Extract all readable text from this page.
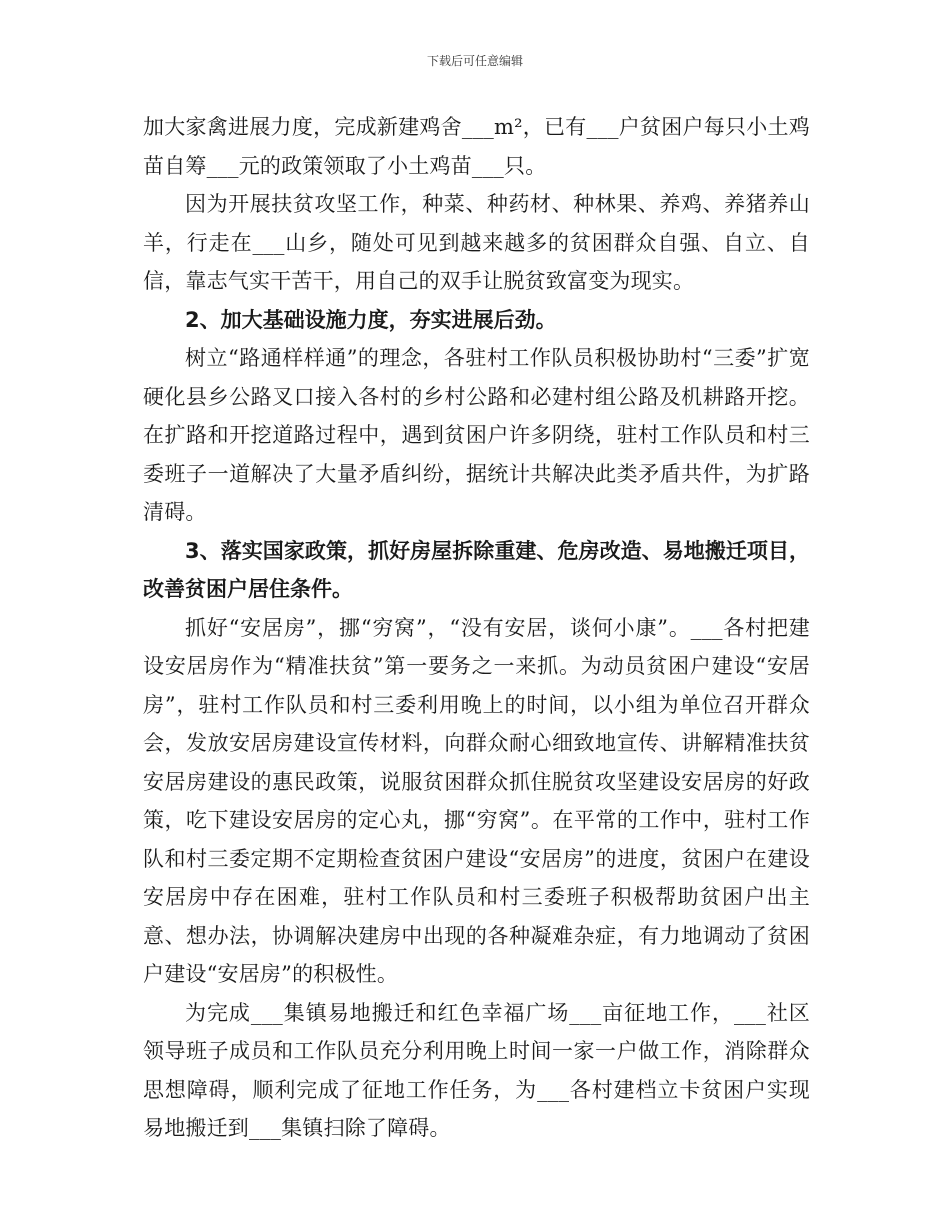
下载后可任意编辑

加大家禽进展力度，完成新建鸡舍___m²，已有___户贫困户每只小土鸡苗自筹___元的政策领取了小土鸡苗___只。

因为开展扶贫攻坚工作，种菜、种药材、种林果、养鸡、养猪养山羊，行走在___山乡，随处可见到越来越多的贫困群众自强、自立、自信，靠志气实干苦干，用自己的双手让脱贫致富变为现实。

2、加大基础设施力度，夯实进展后劲。

树立“路通样样通”的理念，各驻村工作队员积极协助村“三委”扩宽硬化县乡公路叉口接入各村的乡村公路和必建村组公路及机耕路开挖。在扩路和开挖道路过程中，遇到贫困户许多阴绕，驻村工作队员和村三委班子一道解决了大量矛盾纠纷，据统计共解决此类矛盾共件，为扩路清碍。

3、落实国家政策，抓好房屋拆除重建、危房改造、易地搬迁项目，改善贫困户居住条件。

抓好“安居房”，挪“穷窝”，“没有安居，谈何小康”。___各村把建设安居房作为“精准扶贫”第一要务之一来抓。为动员贫困户建设“安居房”，驻村工作队员和村三委利用晚上的时间，以小组为单位召开群众会，发放安居房建设宣传材料，向群众耐心细致地宣传、讲解精准扶贫安居房建设的惠民政策，说服贫困群众抓住脱贫攻坚建设安居房的好政策，吃下建设安居房的定心丸，挪“穷窝”。在平常的工作中，驻村工作队和村三委定期不定期检查贫困户建设“安居房”的进度，贫困户在建设安居房中存在困难，驻村工作队员和村三委班子积极帮助贫困户出主意、想办法，协调解决建房中出现的各种凝难杂症，有力地调动了贫困户建设“安居房”的积极性。

为完成___集镇易地搬迁和红色幸福广场___亩征地工作，___社区领导班子成员和工作队员充分利用晚上时间一家一户做工作，消除群众思想障碍，顺利完成了征地工作任务，为___各村建档立卡贫困户实现易地搬迁到___集镇扫除了障碍。
